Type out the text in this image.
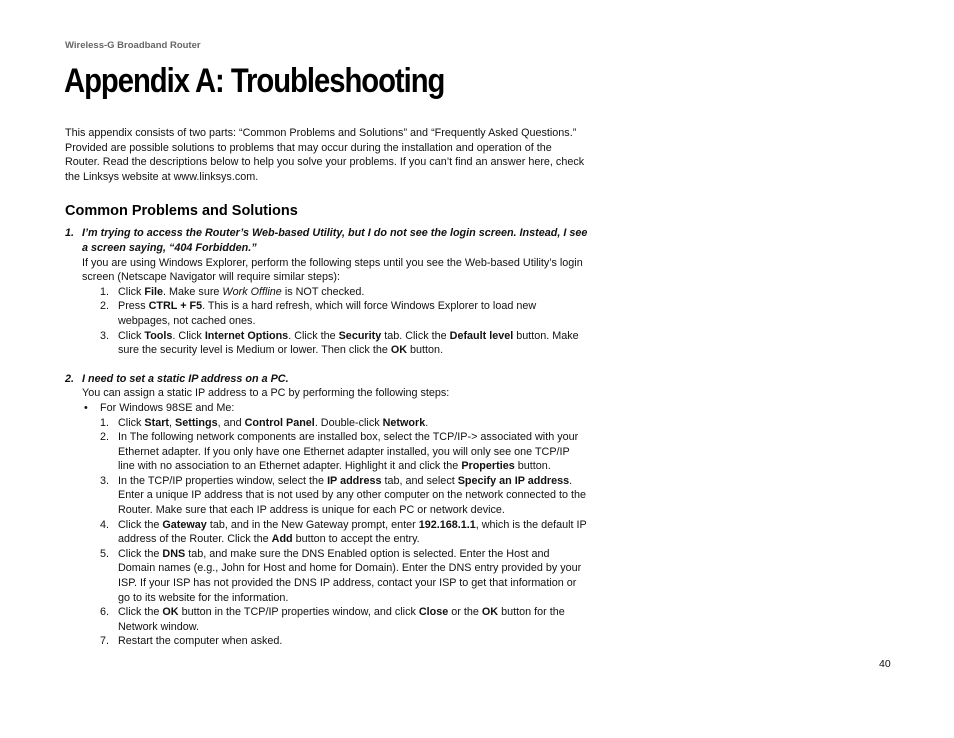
Wireless-G Broadband Router
Appendix A: Troubleshooting

This appendix consists of two parts: “Common Problems and Solutions” and “Frequently Asked Questions.” Provided are possible solutions to problems that may occur during the installation and operation of the Router. Read the descriptions below to help you solve your problems. If you can’t find an answer here, check the Linksys website at www.linksys.com.

Common Problems and Solutions
1. I’m trying to access the Router’s Web-based Utility, but I do not see the login screen. Instead, I see a screen saying, “404 Forbidden.”

If you are using Windows Explorer, perform the following steps until you see the Web-based Utility’s login screen (Netscape Navigator will require similar steps):

1. Click File. Make sure Work Offline is NOT checked.
2. Press CTRL + F5. This is a hard refresh, which will force Windows Explorer to load new webpages, not cached ones.
3. Click Tools. Click Internet Options. Click the Security tab. Click the Default level button. Make sure the security level is Medium or lower. Then click the OK button.
2. I need to set a static IP address on a PC.

You can assign a static IP address to a PC by performing the following steps:

•	For Windows 98SE and Me:
1. Click Start, Settings, and Control Panel. Double-click Network.
2. In The following network components are installed box, select the TCP/IP-> associated with your Ethernet adapter. If you only have one Ethernet adapter installed, you will only see one TCP/IP line with no association to an Ethernet adapter. Highlight it and click the Properties button.
3. In the TCP/IP properties window, select the IP address tab, and select Specify an IP address. Enter a unique IP address that is not used by any other computer on the network connected to the Router. Make sure that each IP address is unique for each PC or network device.
4. Click the Gateway tab, and in the New Gateway prompt, enter 192.168.1.1, which is the default IP address of the Router. Click the Add button to accept the entry.
5. Click the DNS tab, and make sure the DNS Enabled option is selected. Enter the Host and Domain names (e.g., John for Host and home for Domain). Enter the DNS entry provided by your ISP. If your ISP has not provided the DNS IP address, contact your ISP to get that information or go to its website for the information.
6. Click the OK button in the TCP/IP properties window, and click Close or the OK button for the Network window.
7. Restart the computer when asked.
40
